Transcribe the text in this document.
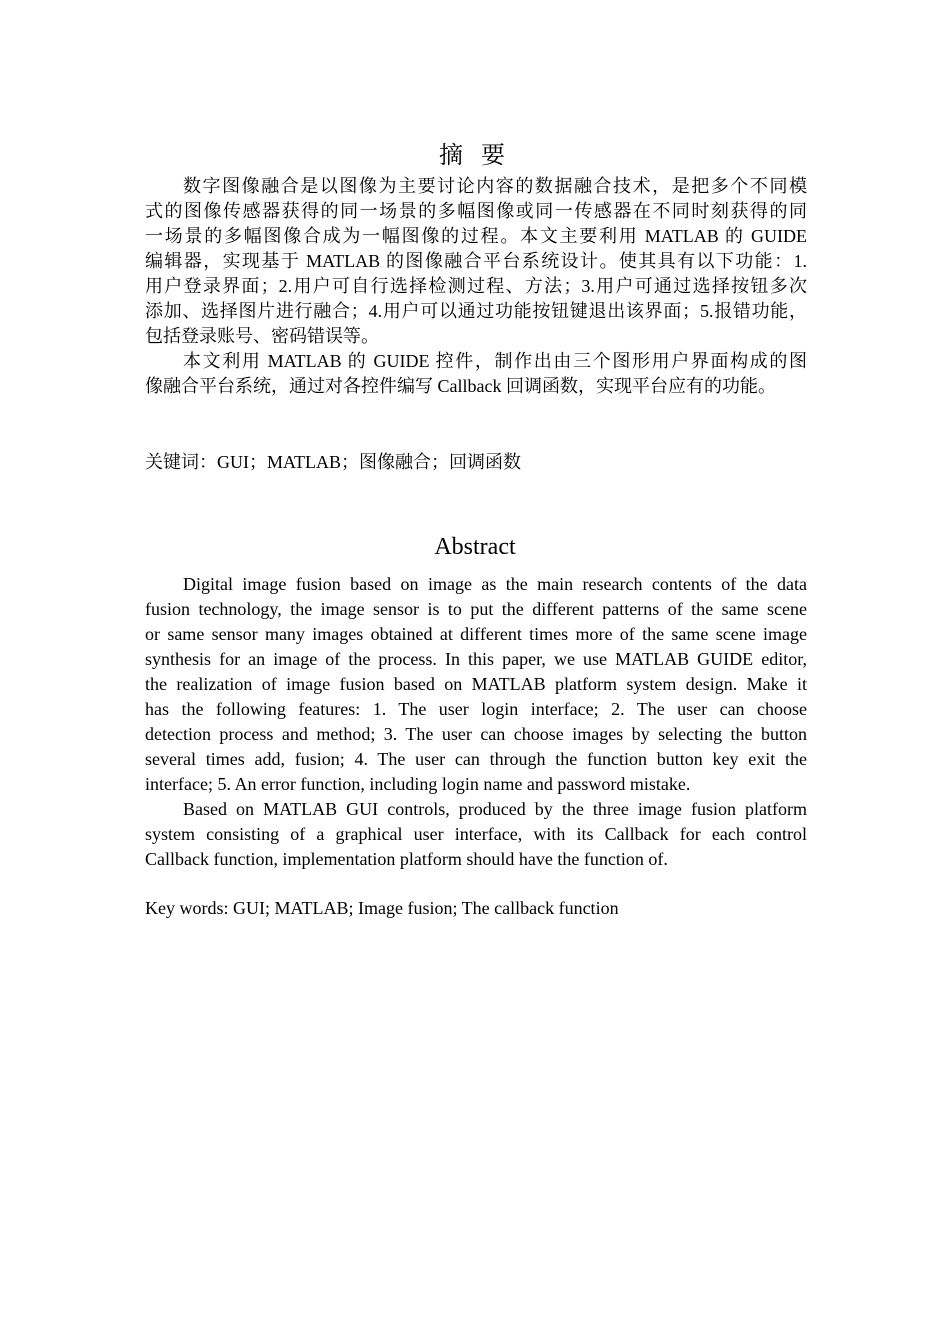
摘 要
数字图像融合是以图像为主要讨论内容的数据融合技术，是把多个不同模
式的图像传感器获得的同一场景的多幅图像或同一传感器在不同时刻获得的同
一场景的多幅图像合成为一幅图像的过程。本文主要利用 MATLAB 的 GUIDE
编辑器，实现基于 MATLAB 的图像融合平台系统设计。使其具有以下功能：1.
用户登录界面；2.用户可自行选择检测过程、方法；3.用户可通过选择按钮多次
添加、选择图片进行融合；4.用户可以通过功能按钮键退出该界面；5.报错功能，
包括登录账号、密码错误等。
本文利用 MATLAB 的 GUIDE 控件，制作出由三个图形用户界面构成的图
像融合平台系统，通过对各控件编写 Callback 回调函数，实现平台应有的功能。
关键词：GUI；MATLAB；图像融合；回调函数
Abstract
Digital image fusion based on image as the main research contents of the data
fusion technology, the image sensor is to put the different patterns of the same scene
or same sensor many images obtained at different times more of the same scene image
synthesis for an image of the process. In this paper, we use MATLAB GUIDE editor,
the realization of image fusion based on MATLAB platform system design. Make it
has the following features: 1. The user login interface; 2. The user can choose
detection process and method; 3. The user can choose images by selecting the button
several times add, fusion; 4. The user can through the function button key exit the
interface; 5. An error function, including login name and password mistake.
Based on MATLAB GUI controls, produced by the three image fusion platform
system consisting of a graphical user interface, with its Callback for each control
Callback function, implementation platform should have the function of.
Key words: GUI; MATLAB; Image fusion; The callback function
